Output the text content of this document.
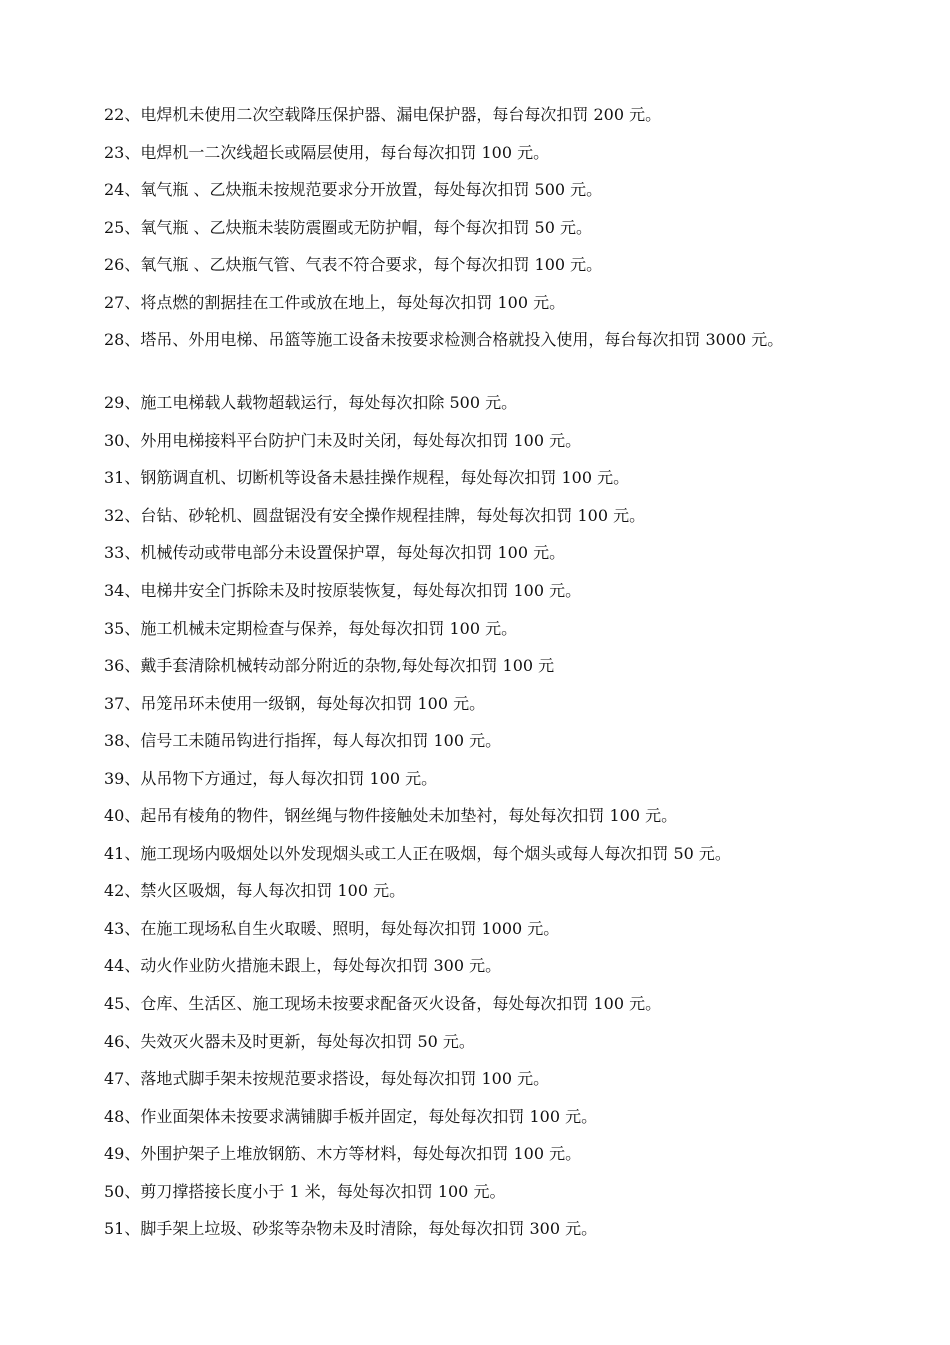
22 、 电焊机未使用二次空载降压保护器、漏电保护器，每台每次扣罚 200 元。
23 、 电焊机一二次线超长或隔层使用，每台每次扣罚 100 元。
24 、 氧气瓶 、乙炔瓶未按规范要求分开放置，每处每次扣罚 500 元。
25 、 氧气瓶 、乙炔瓶未装防震圈或无防护帽，每个每次扣罚 50 元。
26 、 氧气瓶 、乙炔瓶气管、气表不符合要求，每个每次扣罚 100 元。
27 、 将点燃的割据挂在工件或放在地上，每处每次扣罚 100 元。
28 、 塔吊、外用电梯、吊篮等施工设备未按要求检测合格就投入使用，每台每次扣罚 3000 元。
29 、 施工电梯载人载物超载运行，每处每次扣除 500 元。
30 、 外用电梯接料平台防护门未及时关闭，每处每次扣罚 100 元。
31 、 钢筋调直机、切断机等设备未悬挂操作规程，每处每次扣罚 100 元。
32 、 台钻、砂轮机、圆盘锯没有安全操作规程挂牌，每处每次扣罚 100 元。
33 、 机械传动或带电部分未设置保护罩，每处每次扣罚 100 元。
34 、 电梯井安全门拆除未及时按原装恢复，每处每次扣罚 100 元。
35 、 施工机械未定期检查与保养，每处每次扣罚 100 元。
36 、 戴手套清除机械转动部分附近的杂物,每处每次扣罚 100 元
37 、 吊笼吊环未使用一级钢，每处每次扣罚 100 元。
38 、 信号工未随吊钩进行指挥，每人每次扣罚 100 元。
39 、 从吊物下方通过，每人每次扣罚 100 元。
40 、 起吊有棱角的物件，钢丝绳与物件接触处未加垫衬，每处每次扣罚 100 元。
41 、 施工现场内吸烟处以外发现烟头或工人正在吸烟，每个烟头或每人每次扣罚 50 元。
42 、 禁火区吸烟，每人每次扣罚 100 元。
43 、 在施工现场私自生火取暖、照明，每处每次扣罚 1000 元。
44 、 动火作业防火措施未跟上，每处每次扣罚 300 元。
45 、 仓库、生活区、施工现场未按要求配备灭火设备，每处每次扣罚 100 元。
46 、 失效灭火器未及时更新，每处每次扣罚 50 元。
47 、 落地式脚手架未按规范要求搭设，每处每次扣罚 100 元。
48 、 作业面架体未按要求满铺脚手板并固定，每处每次扣罚 100 元。
49 、 外围护架子上堆放钢筋、木方等材料，每处每次扣罚 100 元。
50 、 剪刀撑搭接长度小于 1 米，每处每次扣罚 100 元。
51 、 脚手架上垃圾、砂浆等杂物未及时清除，每处每次扣罚 300 元。
